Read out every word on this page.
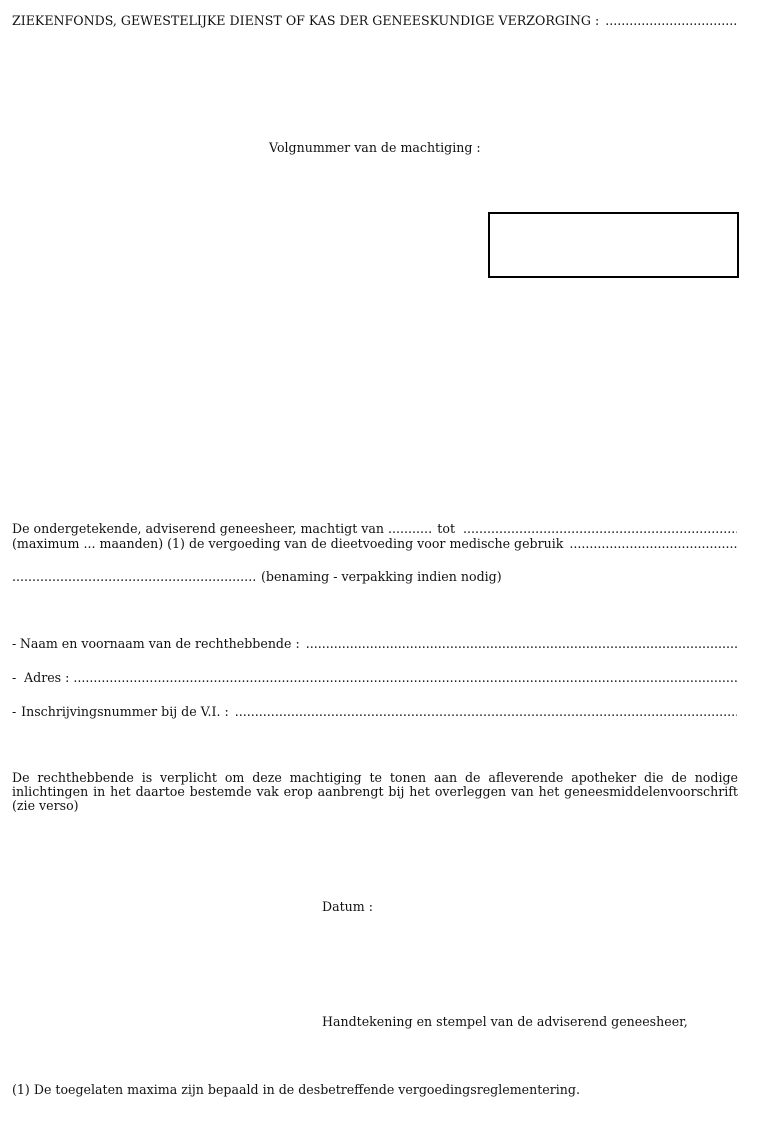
ZIEKENFONDS, GEWESTELIJKE DIENST OF KAS DER GENEESKUNDIGE VERZORGING :
.....
Volgnummer van de machtiging :
De ondergetekende, adviserend geneesheer, machtigt van
.....	tot
.....
(maximum ... maanden) (1) de vergoeding van de dieetvoeding voor medische gebruik
.....
.....
(benaming - verpakking indien nodig)
- Naam en voornaam van de rechthebbende :
.....
- Adres :
.....
- Inschrijvingsnummer bij de V.I. :
.....
De rechthebbende is verplicht om deze machtiging te tonen aan de afleverende apotheker die de nodige inlichtingen in het daartoe bestemde vak erop aanbrengt bij het overleggen van het geneesmiddelenvoorschrift (zie verso)
Datum :
Handtekening en stempel van de adviserend geneesheer,
(1) De toegelaten maxima zijn bepaald in de desbetreffende vergoedingsreglementering.
